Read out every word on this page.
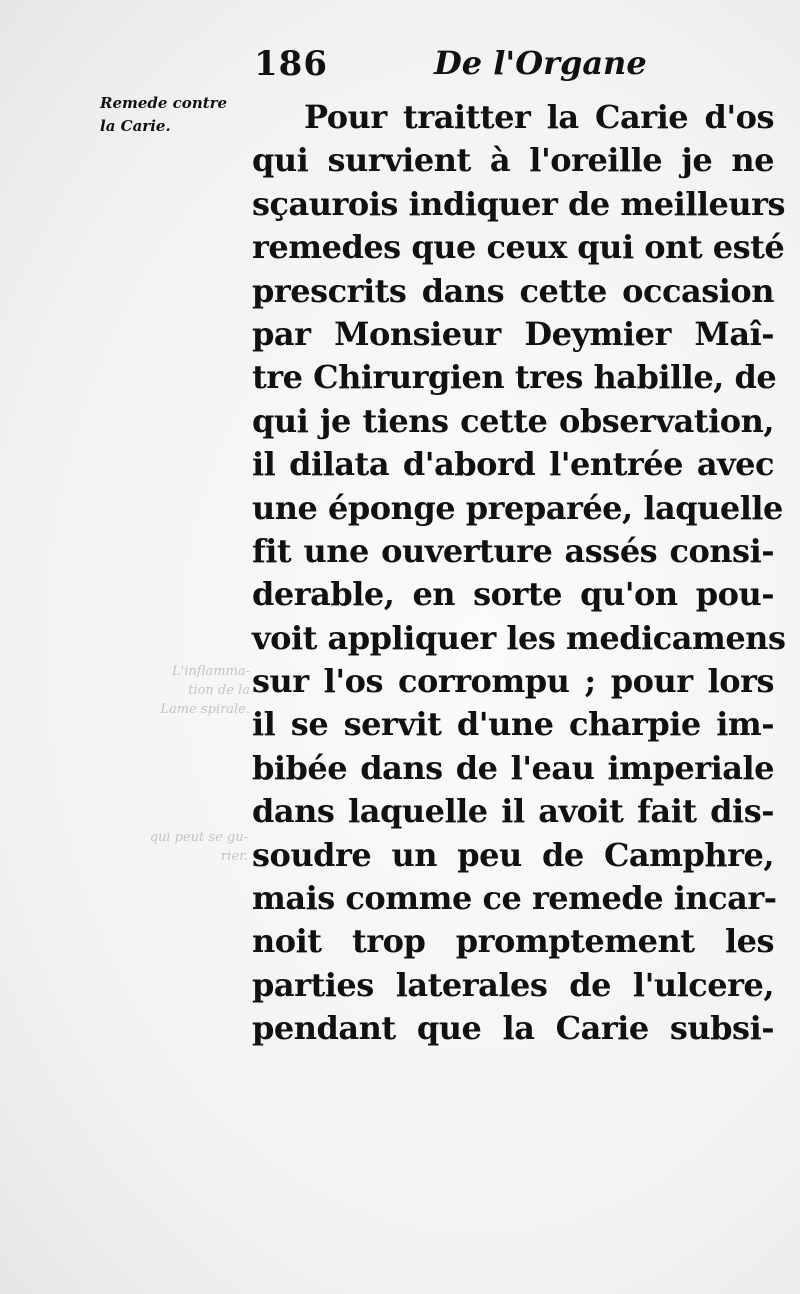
186	De l'Organe
Remede contre
la Carie.
L'inflamma-
tion de la
Lame spirale.
qui peut se gu-
rier.
Pour traitter la Carie d'os
qui survient à l'oreille je ne
sçaurois indiquer de meilleurs
remedes que ceux qui ont esté
prescrits dans cette occasion
par Monsieur Deymier Maî-
tre Chirurgien tres habille, de
qui je tiens cette observation,
il dilata d'abord l'entrée avec
une éponge preparée, laquelle
fit une ouverture assés consi-
derable, en sorte qu'on pou-
voit appliquer les medicamens
sur l'os corrompu ; pour lors
il se servit d'une charpie im-
bibée dans de l'eau imperiale
dans laquelle il avoit fait dis-
soudre un peu de Camphre,
mais comme ce remede incar-
noit trop promptement les
parties laterales de l'ulcere,
pendant que la Carie subsi-
